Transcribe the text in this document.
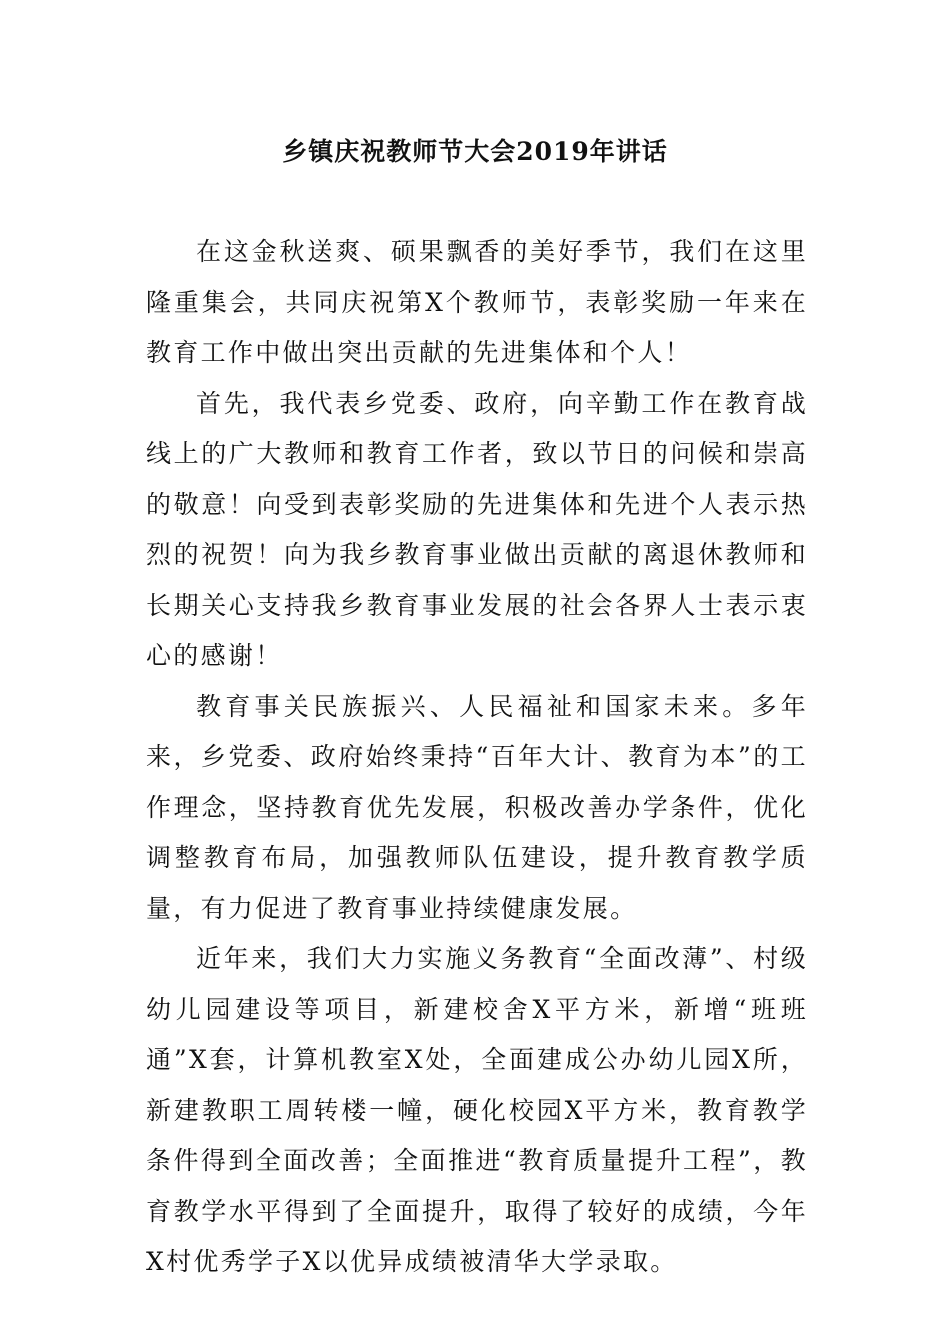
乡镇庆祝教师节大会2019年讲话

在这金秋送爽、硕果飘香的美好季节，我们在这里隆重集会，共同庆祝第X个教师节，表彰奖励一年来在教育工作中做出突出贡献的先进集体和个人！

首先，我代表乡党委、政府，向辛勤工作在教育战线上的广大教师和教育工作者，致以节日的问候和崇高的敬意！向受到表彰奖励的先进集体和先进个人表示热烈的祝贺！向为我乡教育事业做出贡献的离退休教师和长期关心支持我乡教育事业发展的社会各界人士表示衷心的感谢！

教育事关民族振兴、人民福祉和国家未来。多年来，乡党委、政府始终秉持“百年大计、教育为本”的工作理念，坚持教育优先发展，积极改善办学条件，优化调整教育布局，加强教师队伍建设，提升教育教学质量，有力促进了教育事业持续健康发展。

近年来，我们大力实施义务教育“全面改薄”、村级幼儿园建设等项目，新建校舍X平方米，新增“班班通”X套，计算机教室X处，全面建成公办幼儿园X所，新建教职工周转楼一幢，硬化校园X平方米，教育教学条件得到全面改善；全面推进“教育质量提升工程”，教育教学水平得到了全面提升，取得了较好的成绩，今年X村优秀学子X以优异成绩被清华大学录取。
